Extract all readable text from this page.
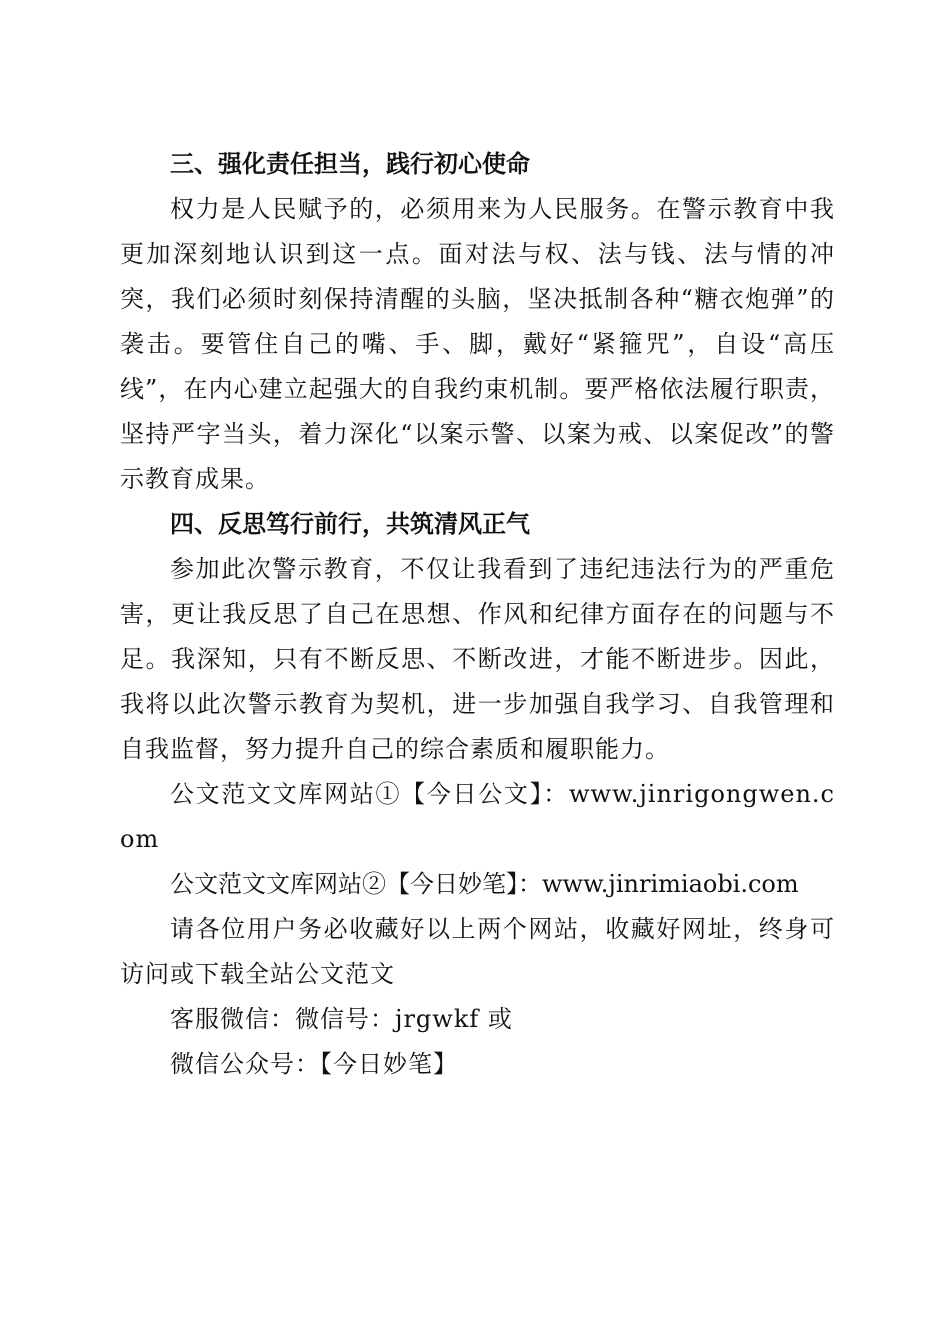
三、强化责任担当，践行初心使命

权力是人民赋予的，必须用来为人民服务。在警示教育中我更加深刻地认识到这一点。面对法与权、法与钱、法与情的冲突，我们必须时刻保持清醒的头脑，坚决抵制各种“糖衣炮弹”的袭击。要管住自己的嘴、手、脚，戴好“紧箍咒”，自设“高压线”，在内心建立起强大的自我约束机制。要严格依法履行职责，坚持严字当头，着力深化“以案示警、以案为戒、以案促改”的警示教育成果。

四、反思笃行前行，共筑清风正气

参加此次警示教育，不仅让我看到了违纪违法行为的严重危害，更让我反思了自己在思想、作风和纪律方面存在的问题与不足。我深知，只有不断反思、不断改进，才能不断进步。因此，我将以此次警示教育为契机，进一步加强自我学习、自我管理和自我监督，努力提升自己的综合素质和履职能力。

公文范文文库网站①【今日公文】：www.jinrigongwen.com

公文范文文库网站②【今日妙笔】：www.jinrimiaobi.com

请各位用户务必收藏好以上两个网站，收藏好网址，终身可访问或下载全站公文范文

客服微信：微信号：jrgwkf 或

微信公众号：【今日妙笔】
